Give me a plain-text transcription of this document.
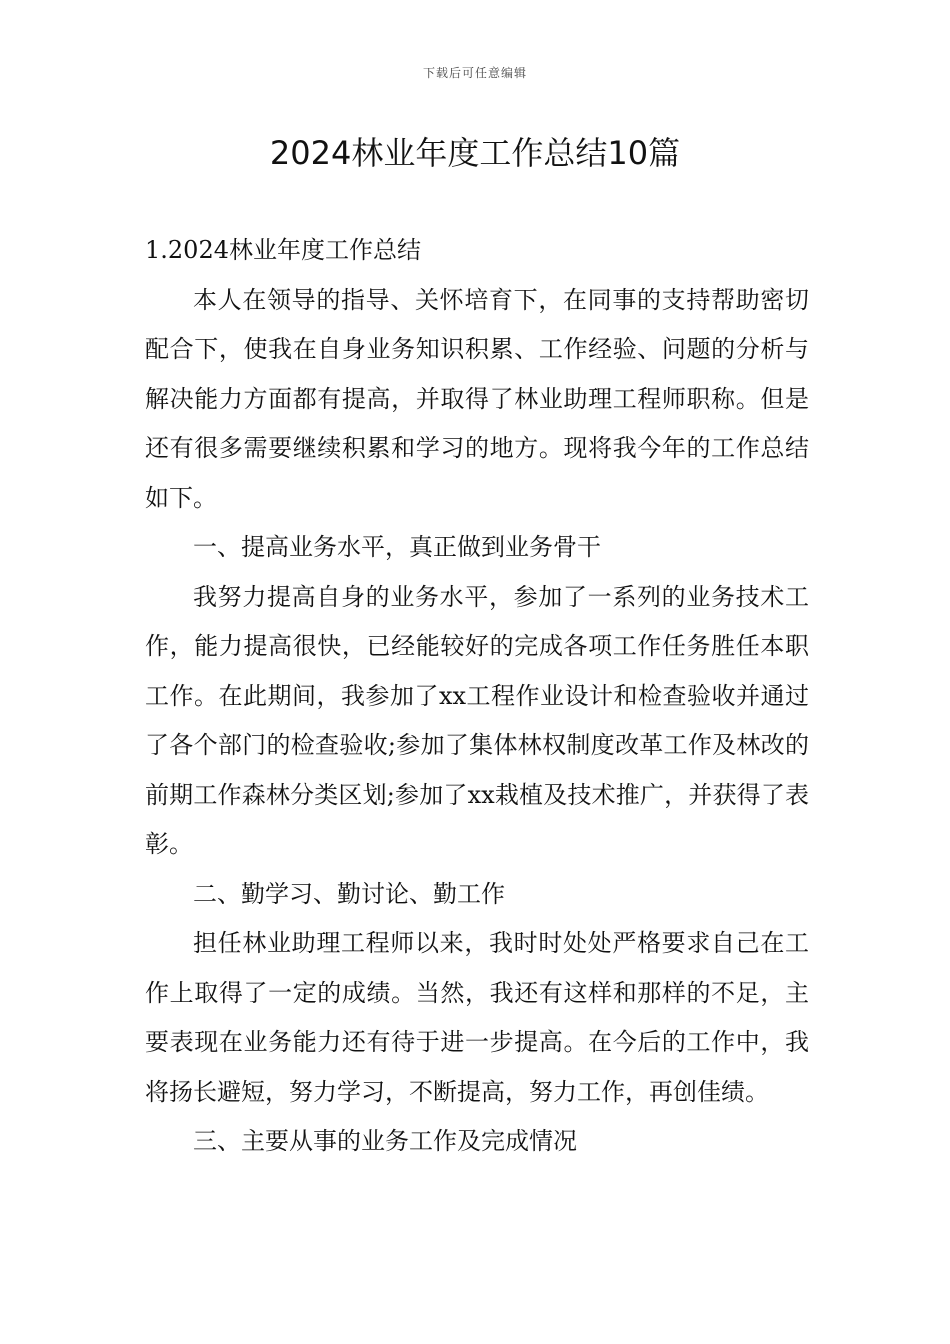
下载后可任意编辑
2024林业年度工作总结10篇

1.2024林业年度工作总结

本人在领导的指导、关怀培育下，在同事的支持帮助密切配合下，使我在自身业务知识积累、工作经验、问题的分析与解决能力方面都有提高，并取得了林业助理工程师职称。但是还有很多需要继续积累和学习的地方。现将我今年的工作总结如下。

一、提高业务水平，真正做到业务骨干

我努力提高自身的业务水平，参加了一系列的业务技术工作，能力提高很快，已经能较好的完成各项工作任务胜任本职工作。在此期间，我参加了xx工程作业设计和检查验收并通过了各个部门的检查验收;参加了集体林权制度改革工作及林改的前期工作森林分类区划;参加了xx栽植及技术推广，并获得了表彰。

二、勤学习、勤讨论、勤工作

担任林业助理工程师以来，我时时处处严格要求自己在工作上取得了一定的成绩。当然，我还有这样和那样的不足，主要表现在业务能力还有待于进一步提高。在今后的工作中，我将扬长避短，努力学习，不断提高，努力工作，再创佳绩。

三、主要从事的业务工作及完成情况
